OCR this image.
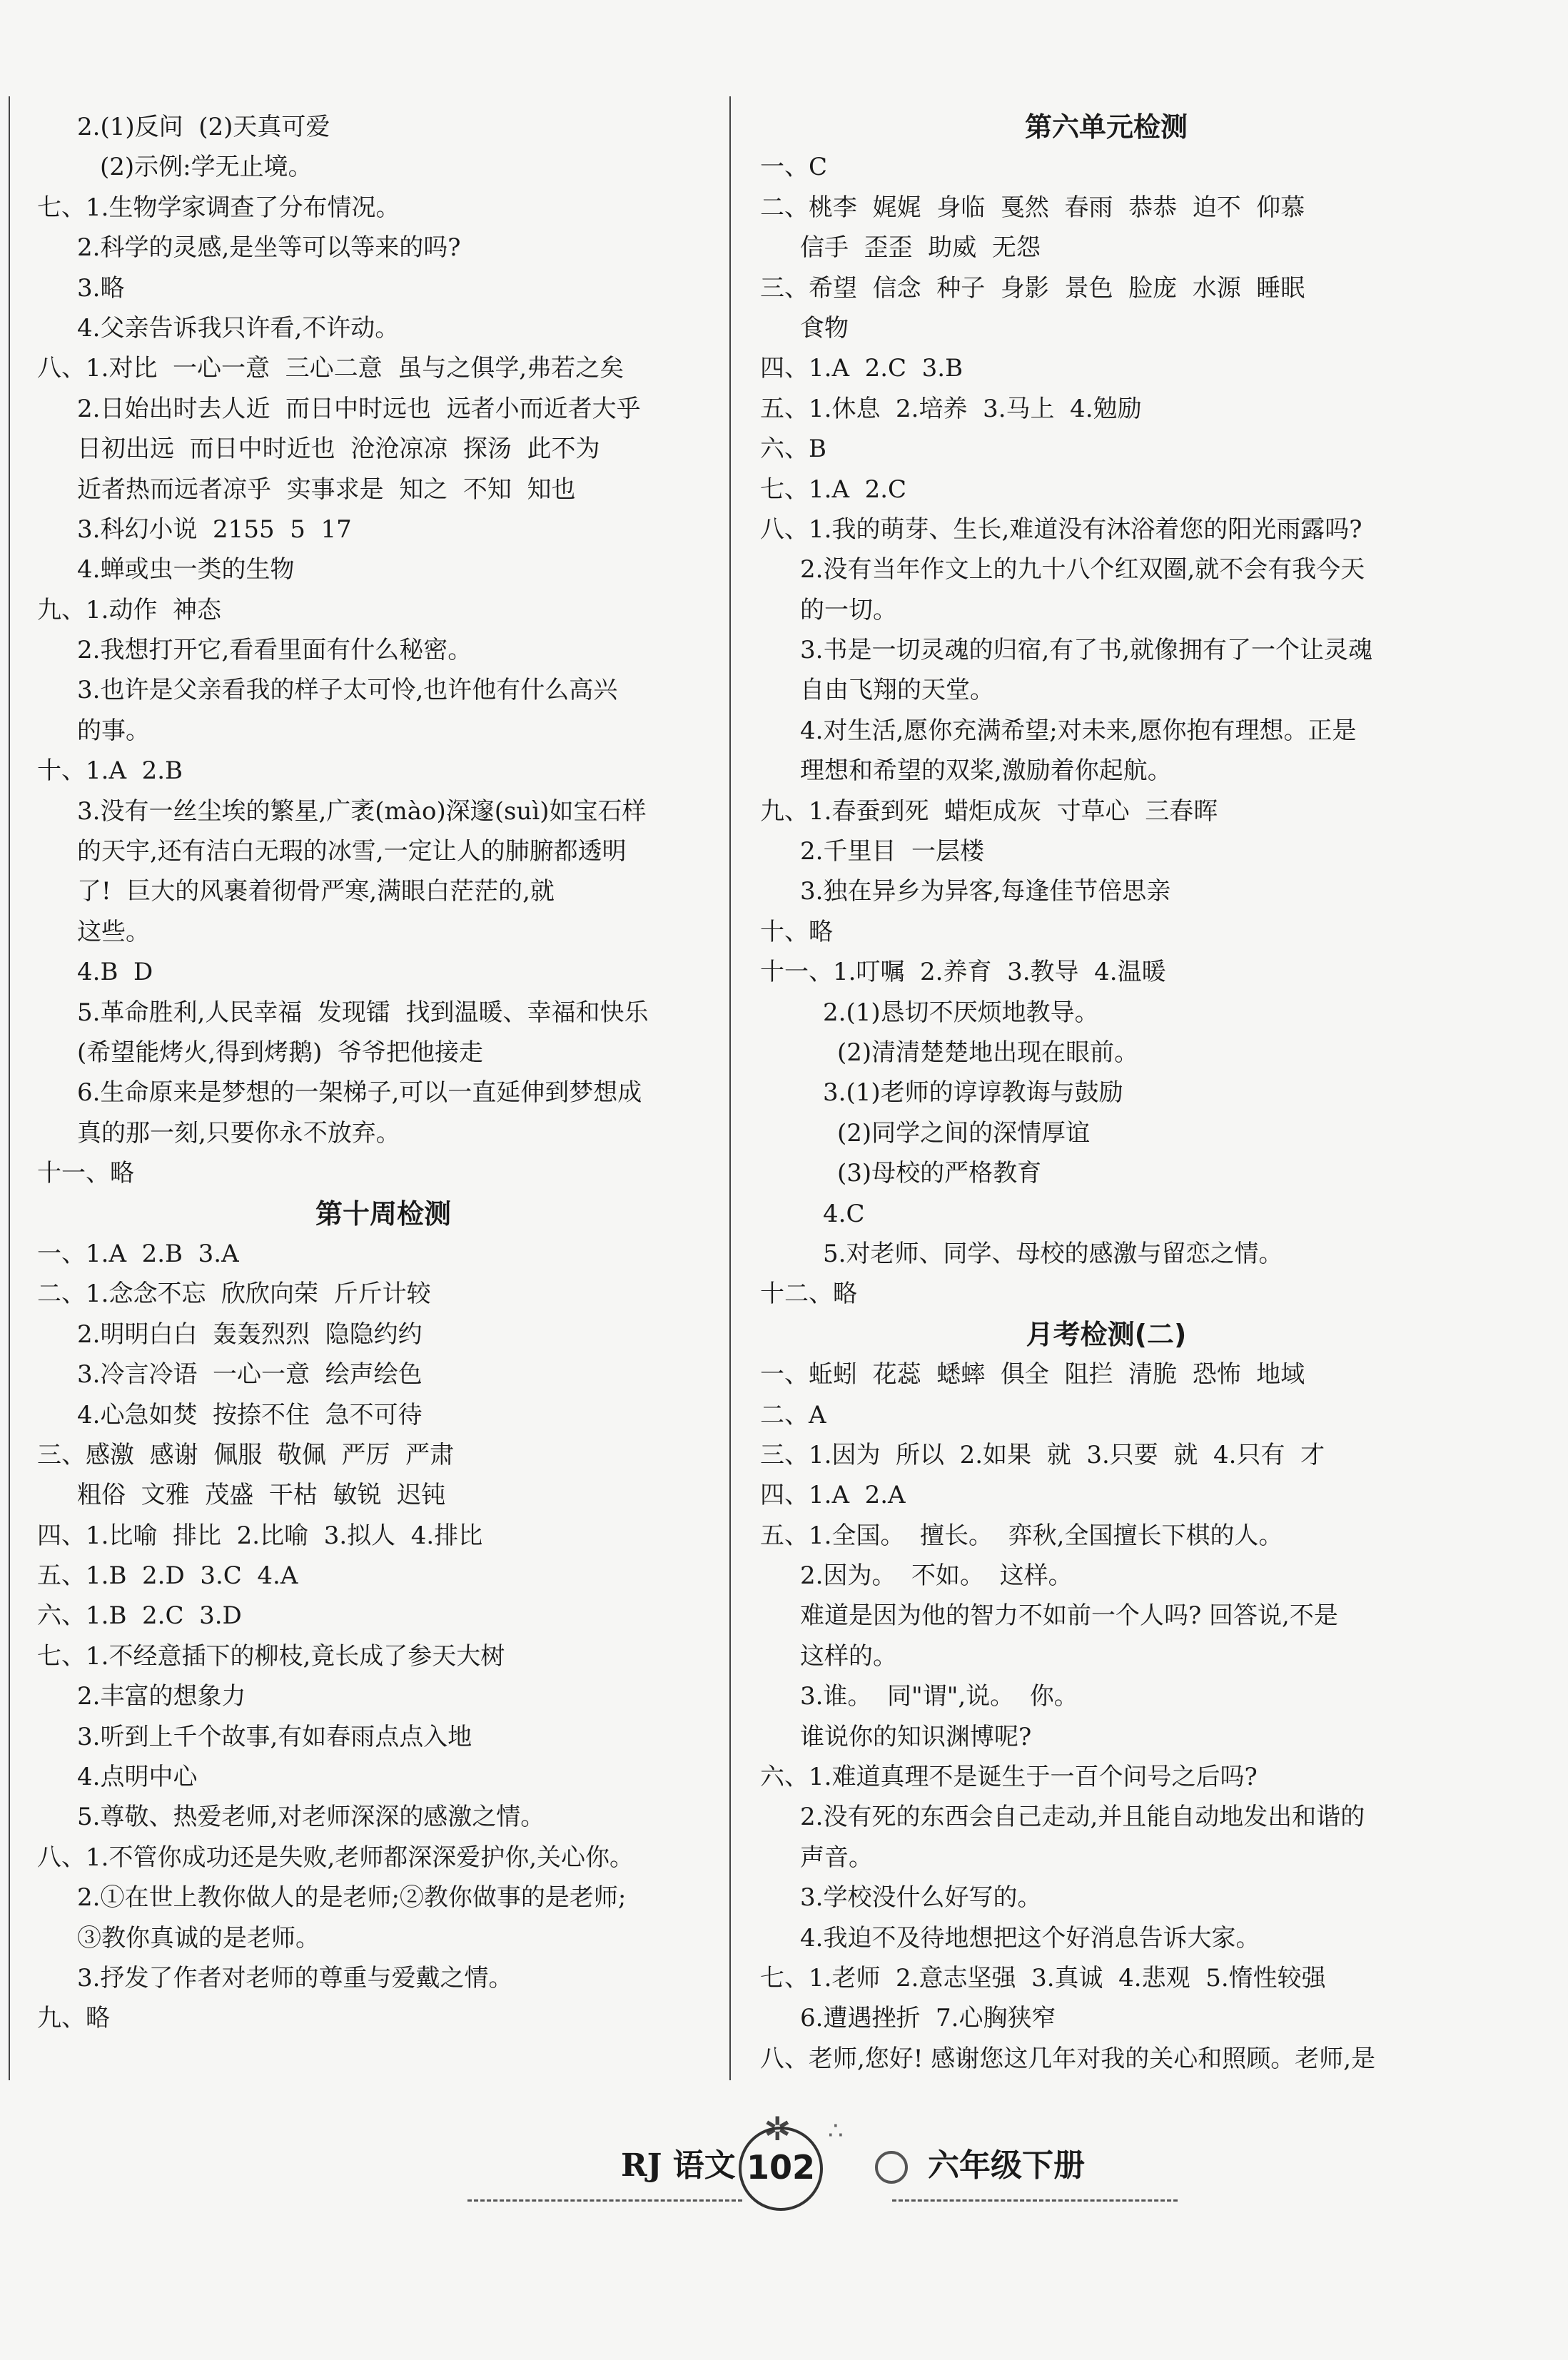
2.(1)反问  (2)天真可爱
(2)示例:学无止境。
七、1.生物学家调查了分布情况。
2.科学的灵感,是坐等可以等来的吗?
3.略
4.父亲告诉我只许看,不许动。
八、1.对比  一心一意  三心二意  虽与之俱学,弗若之矣
2.日始出时去人近  而日中时远也  远者小而近者大乎
日初出远  而日中时近也  沧沧凉凉  探汤  此不为
近者热而远者凉乎  实事求是  知之  不知  知也
3.科幻小说  2155  5  17
4.蝉或虫一类的生物
九、1.动作  神态
2.我想打开它,看看里面有什么秘密。
3.也许是父亲看我的样子太可怜,也许他有什么高兴
的事。
十、1.A  2.B
3.没有一丝尘埃的繁星,广袤(mào)深邃(suì)如宝石样
的天宇,还有洁白无瑕的冰雪,一定让人的肺腑都透明
了!  巨大的风裹着彻骨严寒,满眼白茫茫的,就
这些。
4.B  D
5.革命胜利,人民幸福  发现镭  找到温暖、幸福和快乐
(希望能烤火,得到烤鹅)  爷爷把他接走
6.生命原来是梦想的一架梯子,可以一直延伸到梦想成
真的那一刻,只要你永不放弃。
十一、略
第十周检测
一、1.A  2.B  3.A
二、1.念念不忘  欣欣向荣  斤斤计较
2.明明白白  轰轰烈烈  隐隐约约
3.冷言冷语  一心一意  绘声绘色
4.心急如焚  按捺不住  急不可待
三、感激  感谢  佩服  敬佩  严厉  严肃
粗俗  文雅  茂盛  干枯  敏锐  迟钝
四、1.比喻  排比  2.比喻  3.拟人  4.排比
五、1.B  2.D  3.C  4.A
六、1.B  2.C  3.D
七、1.不经意插下的柳枝,竟长成了参天大树
2.丰富的想象力
3.听到上千个故事,有如春雨点点入地
4.点明中心
5.尊敬、热爱老师,对老师深深的感激之情。
八、1.不管你成功还是失败,老师都深深爱护你,关心你。
2.①在世上教你做人的是老师;②教你做事的是老师;
③教你真诚的是老师。
3.抒发了作者对老师的尊重与爱戴之情。
九、略
第六单元检测
一、C
二、桃李  娓娓  身临  戛然  春雨  恭恭  迫不  仰慕
信手  歪歪  助威  无怨
三、希望  信念  种子  身影  景色  脸庞  水源  睡眠
食物
四、1.A  2.C  3.B
五、1.休息  2.培养  3.马上  4.勉励
六、B
七、1.A  2.C
八、1.我的萌芽、生长,难道没有沐浴着您的阳光雨露吗?
2.没有当年作文上的九十八个红双圈,就不会有我今天
的一切。
3.书是一切灵魂的归宿,有了书,就像拥有了一个让灵魂
自由飞翔的天堂。
4.对生活,愿你充满希望;对未来,愿你抱有理想。正是
理想和希望的双桨,激励着你起航。
九、1.春蚕到死  蜡炬成灰  寸草心  三春晖
2.千里目  一层楼
3.独在异乡为异客,每逢佳节倍思亲
十、略
十一、1.叮嘱  2.养育  3.教导  4.温暖
2.(1)恳切不厌烦地教导。
(2)清清楚楚地出现在眼前。
3.(1)老师的谆谆教诲与鼓励
(2)同学之间的深情厚谊
(3)母校的严格教育
4.C
5.对老师、同学、母校的感激与留恋之情。
十二、略
月考检测(二)
一、蚯蚓  花蕊  蟋蟀  俱全  阻拦  清脆  恐怖  地域
二、A
三、1.因为  所以  2.如果  就  3.只要  就  4.只有  才
四、1.A  2.A
五、1.全国。  擅长。  弈秋,全国擅长下棋的人。
2.因为。  不如。  这样。
难道是因为他的智力不如前一个人吗? 回答说,不是
这样的。
3.谁。  同"谓",说。  你。
谁说你的知识渊博呢?
六、1.难道真理不是诞生于一百个问号之后吗?
2.没有死的东西会自己走动,并且能自动地发出和谐的
声音。
3.学校没什么好写的。
4.我迫不及待地想把这个好消息告诉大家。
七、1.老师  2.意志坚强  3.真诚  4.悲观  5.惰性较强
6.遭遇挫折  7.心胸狭窄
八、老师,您好! 感谢您这几年对我的关心和照顾。老师,是
✲ ∴
RJ 语文 102	六年级下册
